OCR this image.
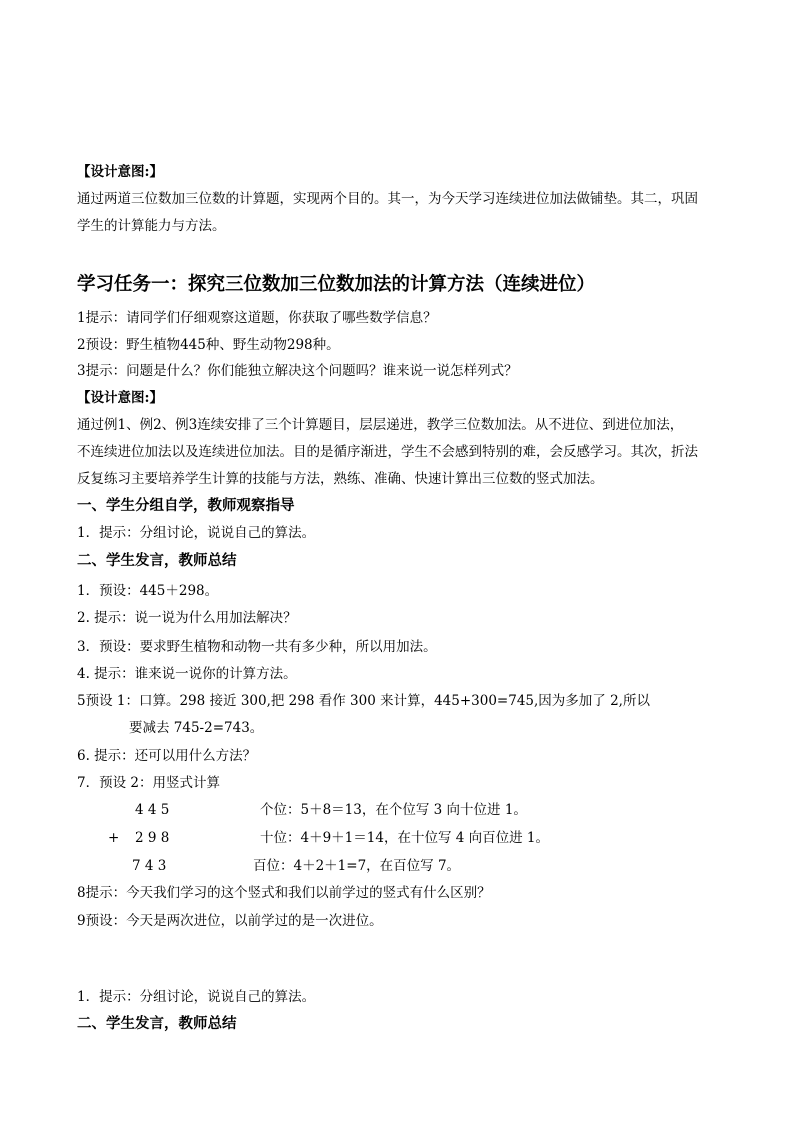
【设计意图:】
通过两道三位数加三位数的计算题，实现两个目的。其一，为今天学习连续进位加法做铺垫。其二，巩固
学生的计算能力与方法。
学习任务一：探究三位数加三位数加法的计算方法（连续进位）
1提示：请同学们仔细观察这道题，你获取了哪些数学信息？
2预设：野生植物445种、野生动物298种。
3提示：问题是什么？你们能独立解决这个问题吗？谁来说一说怎样列式？
【设计意图:】
通过例1、例2、例3连续安排了三个计算题目，层层递进，教学三位数加法。从不进位、到进位加法，
不连续进位加法以及连续进位加法。目的是循序渐进，学生不会感到特别的难，会反感学习。其次，折法
反复练习主要培养学生计算的技能与方法，熟练、准确、快速计算出三位数的竖式加法。
一、学生分组自学，教师观察指导
1．提示：分组讨论，说说自己的算法。
二、学生发言，教师总结
1．预设：445＋298。
2. 提示：说一说为什么用加法解决？
3．预设：要求野生植物和动物一共有多少种，所以用加法。
4. 提示：谁来说一说你的计算方法。
5预设 1：口算。298 接近 300,把 298 看作 300 来计算，445+300=745,因为多加了 2,所以
要减去 745-2=743。
6. 提示：还可以用什么方法？
7．预设 2：用竖式计算
4 4 5
+ 2 9 8
7 4 3
个位：5＋8＝13，在个位写 3 向十位进 1。
十位：4＋9＋1＝14，在十位写 4 向百位进 1。
百位：4＋2＋1=7，在百位写 7。
8提示：今天我们学习的这个竖式和我们以前学过的竖式有什么区别？
9预设：今天是两次进位，以前学过的是一次进位。
1．提示：分组讨论，说说自己的算法。
二、学生发言，教师总结
